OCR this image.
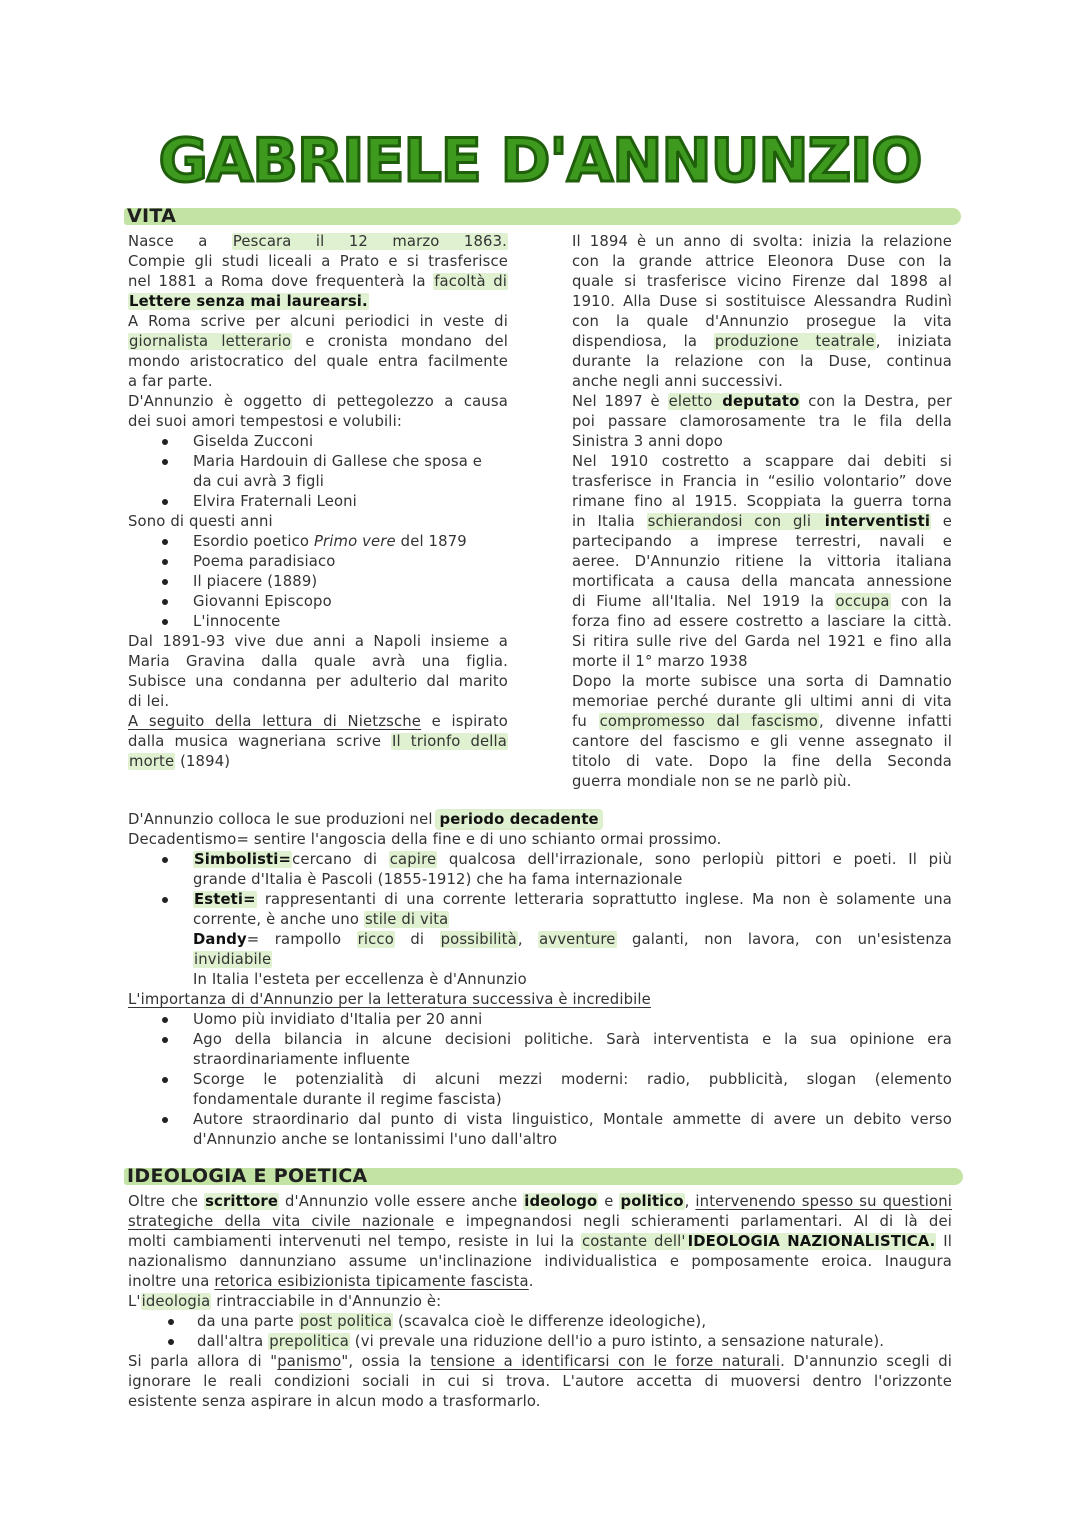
GABRIELE D'ANNUNZIO
VITA
Nasce a Pescara il 12 marzo 1863.
Compie gli studi liceali a Prato e si trasferisce
nel 1881 a Roma dove frequenterà la facoltà di
Lettere senza mai laurearsi.
A Roma scrive per alcuni periodici in veste di
giornalista letterario e cronista mondano del
mondo aristocratico del quale entra facilmente
a far parte.
D'Annunzio è oggetto di pettegolezzo a causa
dei suoi amori tempestosi e volubili:
Giselda Zucconi
Maria Hardouin di Gallese che sposa e
da cui avrà 3 figli
Elvira Fraternali Leoni
Sono di questi anni
Esordio poetico Primo vere del 1879
Poema paradisiaco
Il piacere (1889)
Giovanni Episcopo
L'innocente
Dal 1891-93 vive due anni a Napoli insieme a
Maria Gravina dalla quale avrà una figlia.
Subisce una condanna per adulterio dal marito
di lei.
A seguito della lettura di Nietzsche e ispirato
dalla musica wagneriana scrive Il trionfo della
morte (1894)
Il 1894 è un anno di svolta: inizia la relazione
con la grande attrice Eleonora Duse con la
quale si trasferisce vicino Firenze dal 1898 al
1910. Alla Duse si sostituisce Alessandra Rudinì
con la quale d'Annunzio prosegue la vita
dispendiosa, la produzione teatrale, iniziata
durante la relazione con la Duse, continua
anche negli anni successivi.
Nel 1897 è eletto deputato con la Destra, per
poi passare clamorosamente tra le fila della
Sinistra 3 anni dopo
Nel 1910 costretto a scappare dai debiti si
trasferisce in Francia in “esilio volontario” dove
rimane fino al 1915. Scoppiata la guerra torna
in Italia schierandosi con gli interventisti e
partecipando a imprese terrestri, navali e
aeree. D'Annunzio ritiene la vittoria italiana
mortificata a causa della mancata annessione
di Fiume all'Italia. Nel 1919 la occupa con la
forza fino ad essere costretto a lasciare la città.
Si ritira sulle rive del Garda nel 1921 e fino alla
morte il 1° marzo 1938
Dopo la morte subisce una sorta di Damnatio
memoriae perché durante gli ultimi anni di vita
fu compromesso dal fascismo, divenne infatti
cantore del fascismo e gli venne assegnato il
titolo di vate. Dopo la fine della Seconda
guerra mondiale non se ne parlò più.
D'Annunzio colloca le sue produzioni nel periodo decadente
Decadentismo= sentire l'angoscia della fine e di uno schianto ormai prossimo.
Simbolisti=cercano di capire qualcosa dell'irrazionale, sono perlopiù pittori e poeti. Il più
grande d'Italia è Pascoli (1855-1912) che ha fama internazionale
Esteti= rappresentanti di una corrente letteraria soprattutto inglese. Ma non è solamente una
corrente, è anche uno stile di vita
Dandy= rampollo ricco di possibilità, avventure galanti, non lavora, con un'esistenza
invidiabile
In Italia l'esteta per eccellenza è d'Annunzio
L'importanza di d'Annunzio per la letteratura successiva è incredibile
Uomo più invidiato d'Italia per 20 anni
Ago della bilancia in alcune decisioni politiche. Sarà interventista e la sua opinione era
straordinariamente influente
Scorge le potenzialità di alcuni mezzi moderni: radio, pubblicità, slogan (elemento
fondamentale durante il regime fascista)
Autore straordinario dal punto di vista linguistico, Montale ammette di avere un debito verso
d'Annunzio anche se lontanissimi l'uno dall'altro
IDEOLOGIA E POETICA
Oltre che scrittore d'Annunzio volle essere anche ideologo e politico, intervenendo spesso su questioni
strategiche della vita civile nazionale e impegnandosi negli schieramenti parlamentari. Al di là dei
molti cambiamenti intervenuti nel tempo, resiste in lui la costante dell' IDEOLOGIA NAZIONALISTICA. Il
nazionalismo dannunziano assume un'inclinazione individualistica e pomposamente eroica. Inaugura
inoltre una retorica esibizionista tipicamente fascista.
L'ideologia rintracciabile in d'Annunzio è:
da una parte post politica (scavalca cioè le differenze ideologiche),
dall'altra prepolitica (vi prevale una riduzione dell'io a puro istinto, a sensazione naturale).
Si parla allora di "panismo", ossia la tensione a identificarsi con le forze naturali. D'annunzio scegli di
ignorare le reali condizioni sociali in cui si trova. L'autore accetta di muoversi dentro l'orizzonte
esistente senza aspirare in alcun modo a trasformarlo.
